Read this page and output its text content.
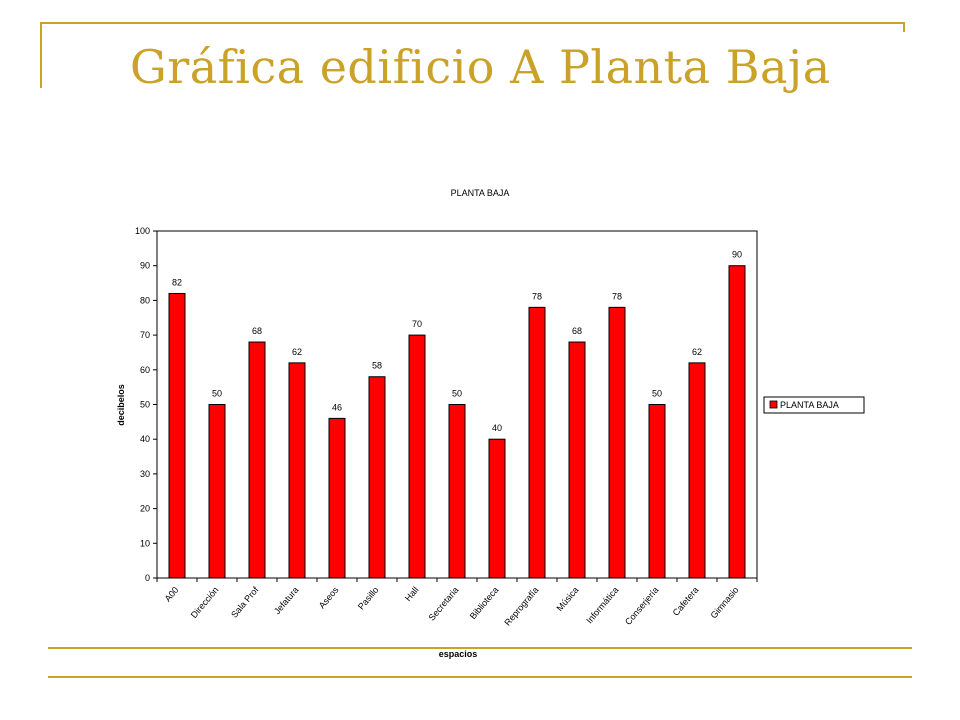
Gráfica edificio A Planta Baja
PLANTA BAJA
0
10
20
30
40
50
60
70
80
90
100
82
50
68
62
46
58
70
50
40
78
68
78
50
62
90
A00 Dirección Sala Prof Jefatura Aseos Pasillo Hall Secretaria Biblioteca Reprografía Música Informática Conserjería Cafetera Gimnasio
decibelos
espacios
PLANTA BAJA
